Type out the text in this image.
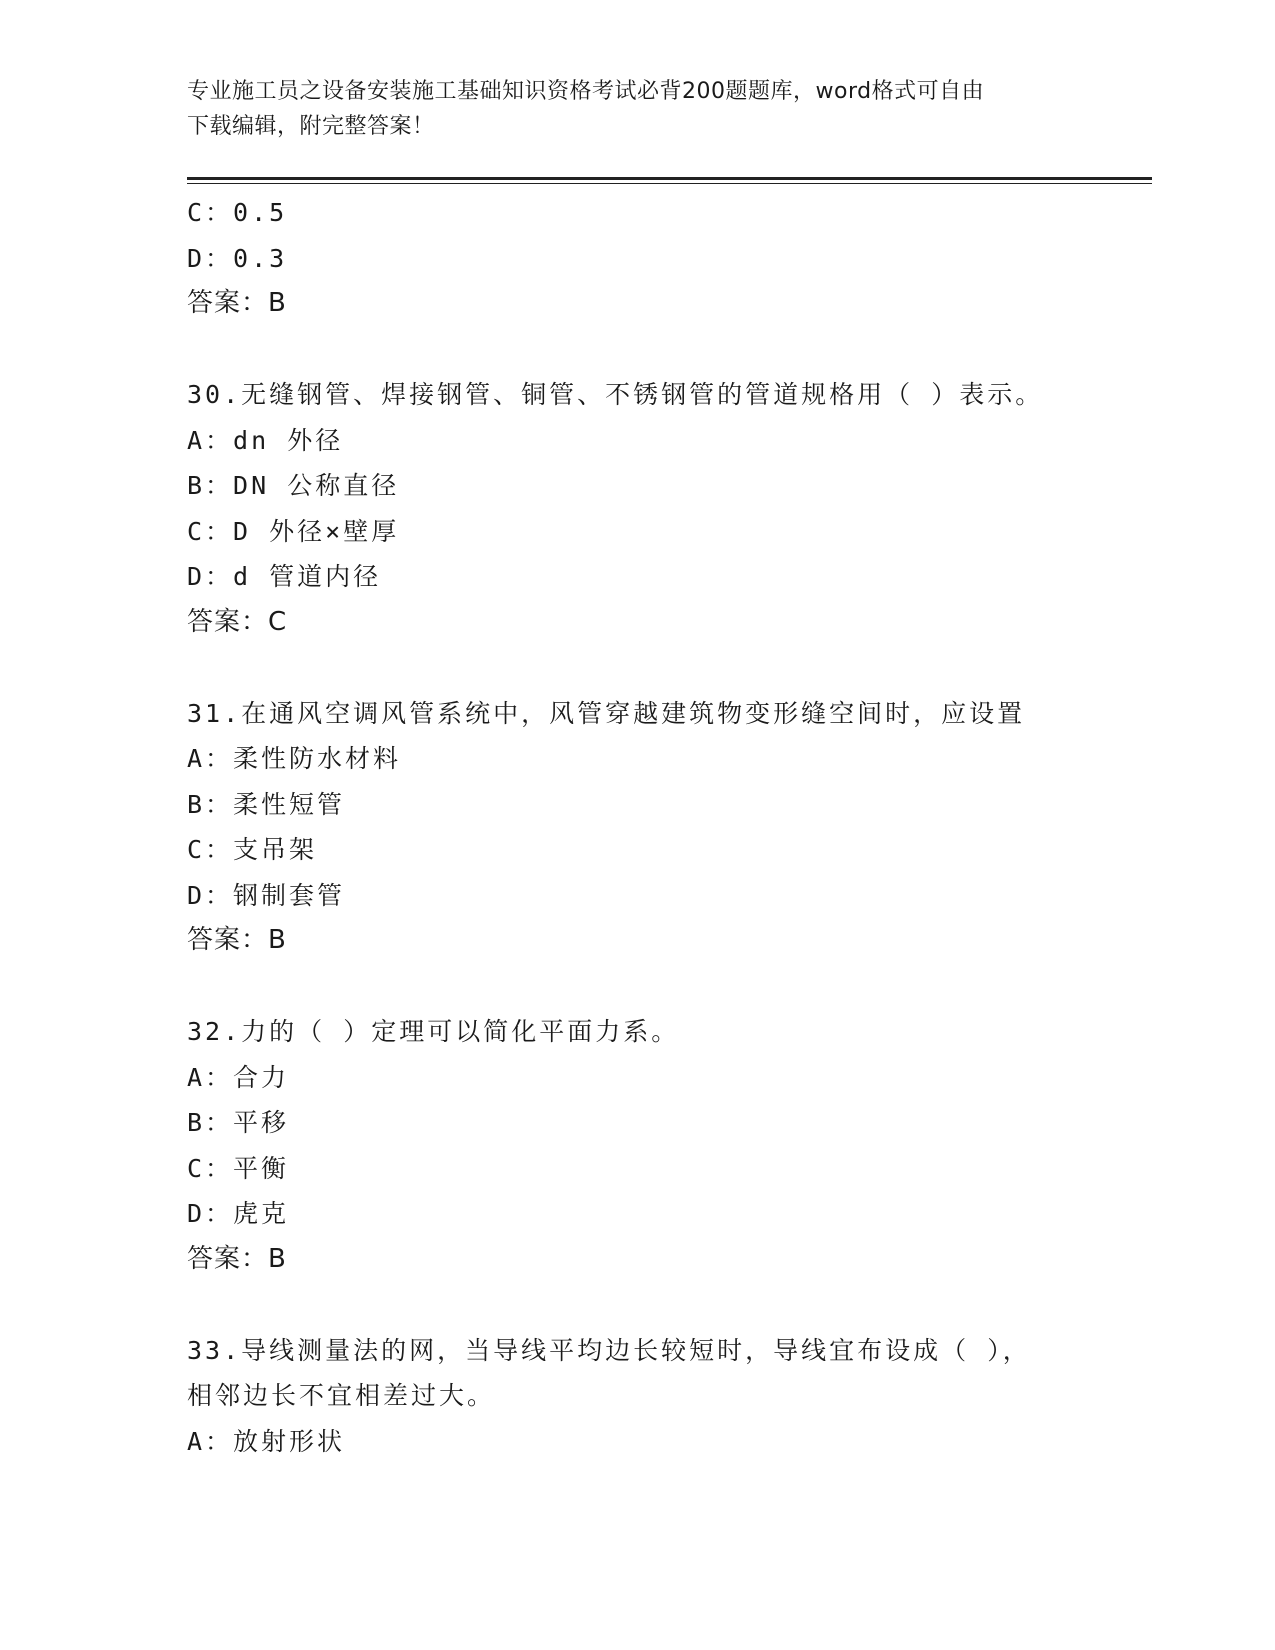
专业施工员之设备安装施工基础知识资格考试必背200题题库，word格式可自由
下载编辑，附完整答案！
C：0.5
D：0.3
答案：B
30.无缝钢管、焊接钢管、铜管、不锈钢管的管道规格用（ ）表示。
A：dn 外径
B：DN 公称直径
C：D 外径×壁厚
D：d 管道内径
答案：C
31.在通风空调风管系统中，风管穿越建筑物变形缝空间时，应设置
A：柔性防水材料
B：柔性短管
C：支吊架
D：钢制套管
答案：B
32.力的（ ）定理可以简化平面力系。
A：合力
B：平移
C：平衡
D：虎克
答案：B
33.导线测量法的网，当导线平均边长较短时，导线宜布设成（ ），
相邻边长不宜相差过大。
A：放射形状
